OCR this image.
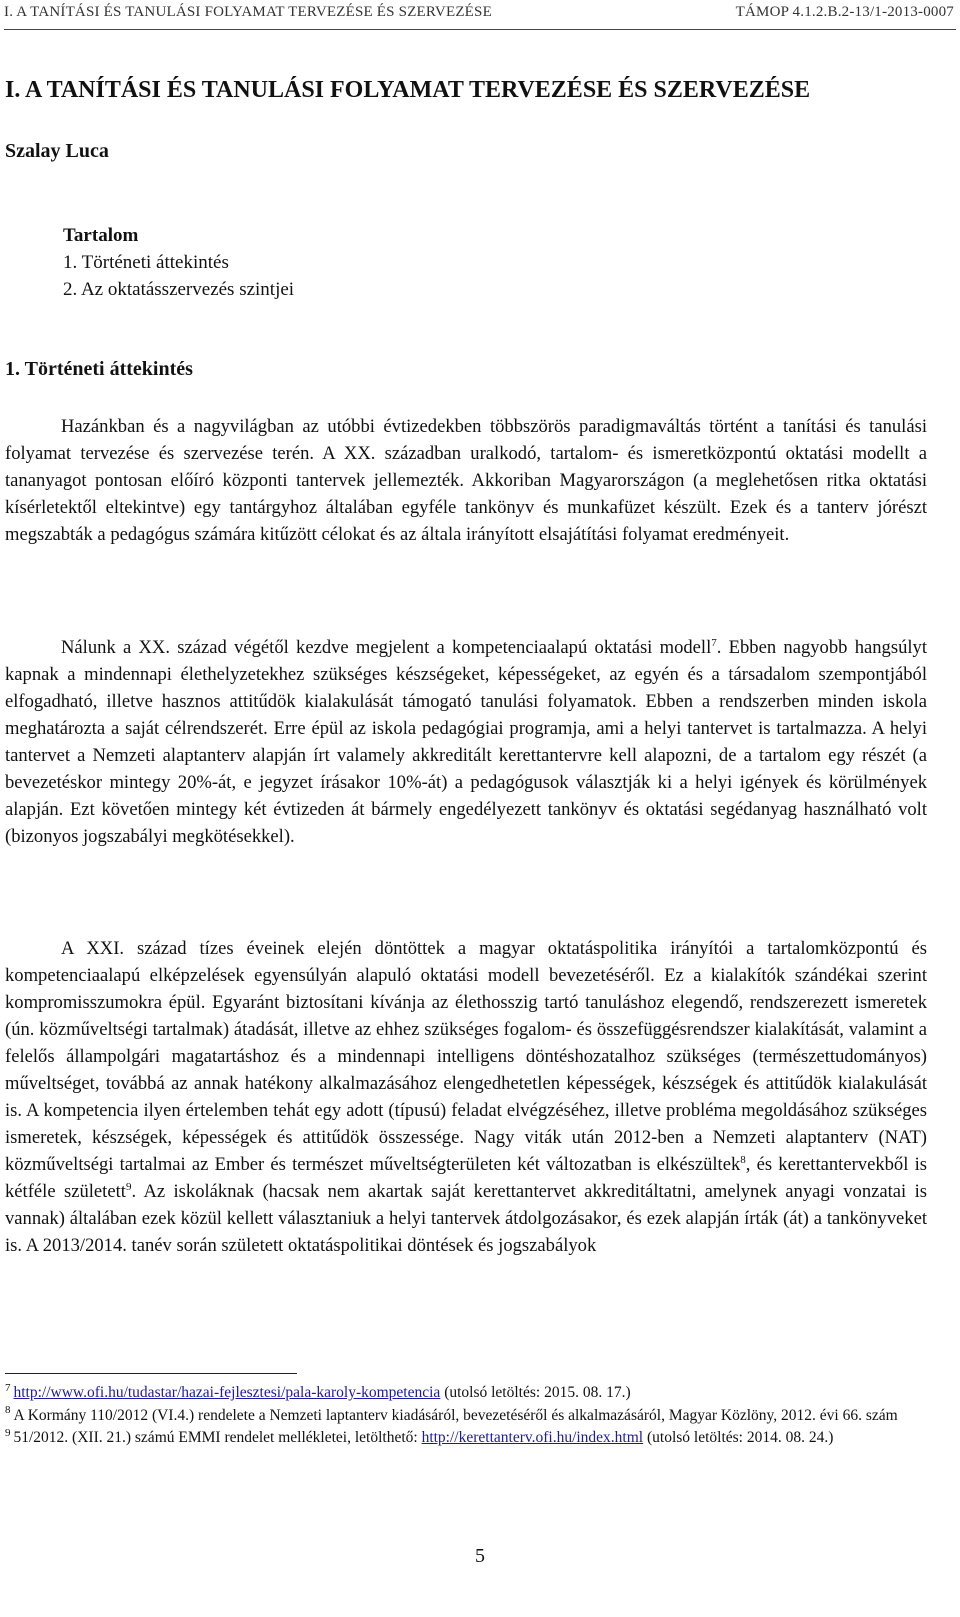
I. A TANÍTÁSI ÉS TANULÁSI FOLYAMAT TERVEZÉSE ÉS SZERVEZÉSE	TÁMOP 4.1.2.B.2-13/1-2013-0007
I. A TANÍTÁSI ÉS TANULÁSI FOLYAMAT TERVEZÉSE ÉS SZERVEZÉSE

Szalay Luca

Tartalom
1. Történeti áttekintés
2. Az oktatásszervezés szintjei
1. Történeti áttekintés

Hazánkban és a nagyvilágban az utóbbi évtizedekben többszörös paradigmaváltás történt a tanítási és tanulási folyamat tervezése és szervezése terén. A XX. században uralkodó, tartalom- és ismeretközpontú oktatási modellt a tananyagot pontosan előíró központi tantervek jellemezték. Akkoriban Magyarországon (a meglehetősen ritka oktatási kísérletektől eltekintve) egy tantárgyhoz általában egyféle tankönyv és munkafüzet készült. Ezek és a tanterv jórészt megszabták a pedagógus számára kitűzött célokat és az általa irányított elsajátítási folyamat eredményeit.

Nálunk a XX. század végétől kezdve megjelent a kompetenciaalapú oktatási modell$^7$. Ebben nagyobb hangsúlyt kapnak a mindennapi élethelyzetekhez szükséges készségeket, képességeket, az egyén és a társadalom szempontjából elfogadható, illetve hasznos attitűdök kialakulását támogató tanulási folyamatok. Ebben a rendszerben minden iskola meghatározta a saját célrendszerét. Erre épül az iskola pedagógiai programja, ami a helyi tantervet is tartalmazza. A helyi tantervet a Nemzeti alaptanterv alapján írt valamely akkreditált kerettantervre kell alapozni, de a tartalom egy részét (a bevezetéskor mintegy 20%-át, e jegyzet írásakor 10%-át) a pedagógusok választják ki a helyi igények és körülmények alapján. Ezt követően mintegy két évtizeden át bármely engedélyezett tankönyv és oktatási segédanyag használható volt (bizonyos jogszabályi megkötésekkel).

A XXI. század tízes éveinek elején döntöttek a magyar oktatáspolitika irányítói a tartalomközpontú és kompetenciaalapú elképzelések egyensúlyán alapuló oktatási modell bevezetéséről. Ez a kialakítók szándékai szerint kompromisszumokra épül. Egyaránt biztosítani kívánja az élethosszig tartó tanuláshoz elegendő, rendszerezett ismeretek (ún. közműveltségi tartalmak) átadását, illetve az ehhez szükséges fogalom- és összefüggésrendszer kialakítását, valamint a felelős állampolgári magatartáshoz és a mindennapi intelligens döntéshozatalhoz szükséges (természettudományos) műveltséget, továbbá az annak hatékony alkalmazásához elengedhetetlen képességek, készségek és attitűdök kialakulását is. A kompetencia ilyen értelemben tehát egy adott (típusú) feladat elvégzéséhez, illetve probléma megoldásához szükséges ismeretek, készségek, képességek és attitűdök összessége. Nagy viták után 2012-ben a Nemzeti alaptanterv (NAT) közműveltségi tartalmai az Ember és természet műveltségterületen két változatban is elkészültek$^8$, és kerettantervekből is kétféle született$^9$. Az iskoláknak (hacsak nem akartak saját kerettantervet akkreditáltatni, amelynek anyagi vonzatai is vannak) általában ezek közül kellett választaniuk a helyi tantervek átdolgozásakor, és ezek alapján írták (át) a tankönyveket is. A 2013/2014. tanév során született oktatáspolitikai döntések és jogszabályok

$^7$ http://www.ofi.hu/tudastar/hazai-fejlesztesi/pala-karoly-kompetencia (utolsó letöltés: 2015. 08. 17.)

$^8$ A Kormány 110/2012 (VI.4.) rendelete a Nemzeti laptanterv kiadásáról, bevezetéséről és alkalmazásáról, Magyar Közlöny, 2012. évi 66. szám

$^9$ 51/2012. (XII. 21.) számú EMMI rendelet mellékletei, letölthető: http://kerettanterv.ofi.hu/index.html (utolsó letöltés: 2014. 08. 24.)

5
